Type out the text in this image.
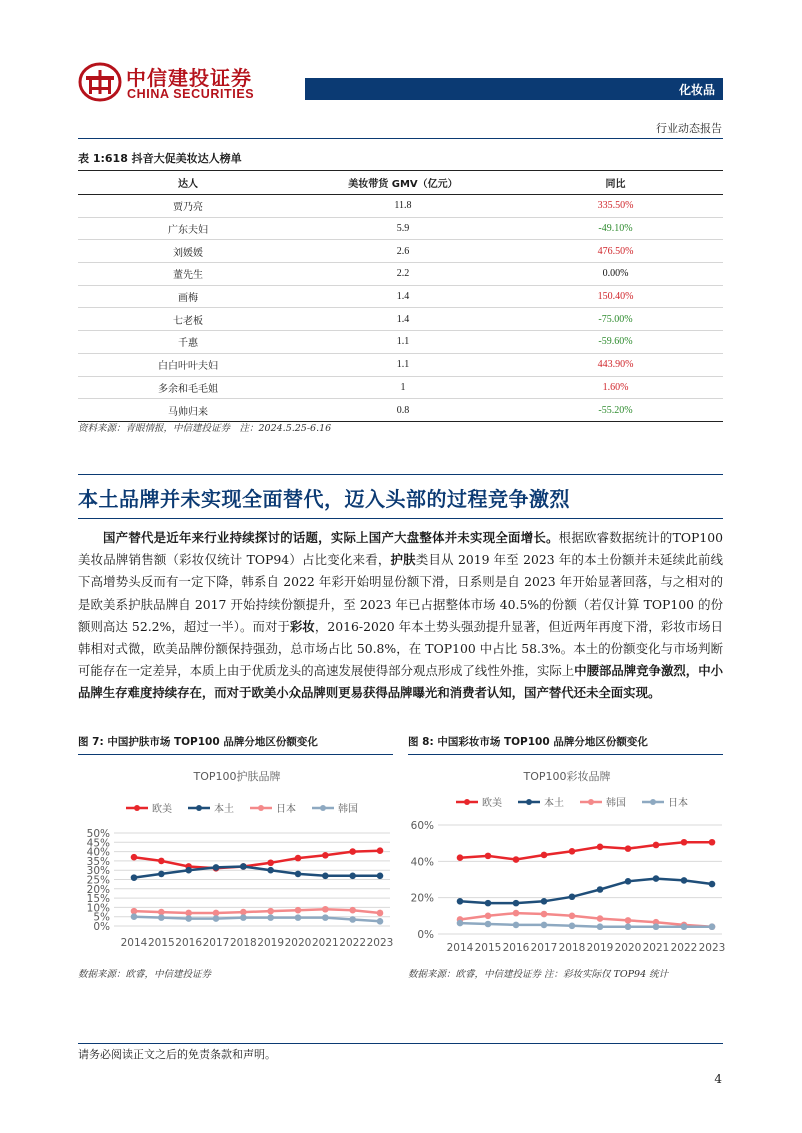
中信建投证券
CHINA SECURITIES	化妆品
行业动态报告
表 1:618 抖音大促美妆达人榜单
达人	美妆带货 GMV（亿元）	同比
贾乃亮	11.8	335.50%
广东夫妇	5.9	-49.10%
刘媛媛	2.6	476.50%
董先生	2.2	0.00%
画梅	1.4	150.40%
七老板	1.4	-75.00%
千惠	1.1	-59.60%
白白叶叶夫妇	1.1	443.90%
多余和毛毛姐	1	1.60%
马帅归来	0.8	-55.20%
资料来源：青眼情报，中信建投证券　注：2024.5.25-6.16
本土品牌并未实现全面替代，迈入头部的过程竞争激烈

国产替代是近年来行业持续探讨的话题，实际上国产大盘整体并未实现全面增长。根据欧睿数据统计的TOP100 美妆品牌销售额（彩妆仅统计 TOP94）占比变化来看，护肤类目从 2019 年至 2023 年的本土份额并未延续此前线下高增势头反而有一定下降，韩系自 2022 年彩开始明显份额下滑，日系则是自 2023 年开始显著回落，与之相对的是欧美系护肤品牌自 2017 开始持续份额提升，至 2023 年已占据整体市场 40.5%的份额（若仅计算 TOP100 的份额则高达 52.2%，超过一半）。而对于彩妆，2016-2020 年本土势头强劲提升显著，但近两年再度下滑，彩妆市场日韩相对式微，欧美品牌份额保持强劲，总市场占比 50.8%，在 TOP100 中占比 58.3%。本土的份额变化与市场判断可能存在一定差异，本质上由于优质龙头的高速发展使得部分观点形成了线性外推，实际上中腰部品牌竞争激烈，中小品牌生存难度持续存在，而对于欧美小众品牌则更易获得品牌曝光和消费者认知，国产替代还未全面实现。

图 7: 中国护肤市场 TOP100 品牌分地区份额变化	图 8: 中国彩妆市场 TOP100 品牌分地区份额变化
TOP100护肤品牌
欧美	本土	日本	韩国
0%
5%
10%
15%
20%
25%
30%
35%
40%
45%
50%
2014 2015 2016 2017 2018 2019 2020 2021 2022 2023
TOP100彩妆品牌
欧美	本土	韩国	日本
0%
20%
40%
60%
2014 2015 2016 2017 2018 2019 2020 2021 2022 2023
数据来源：欧睿，中信建投证券	数据来源：欧睿，中信建投证券 注：彩妆实际仅 TOP94 统计
请务必阅读正文之后的免责条款和声明。
4
